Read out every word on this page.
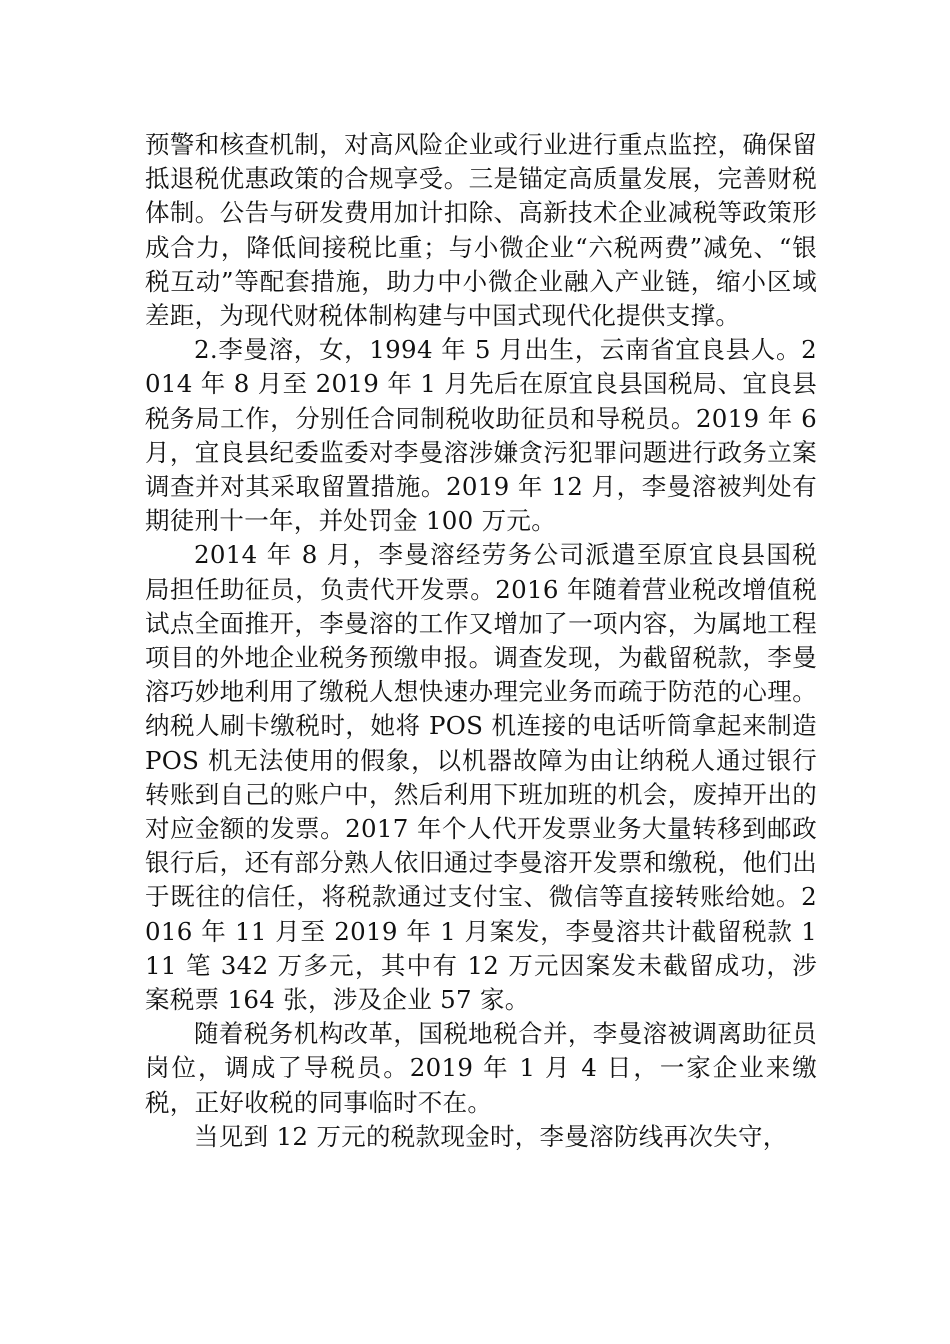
预警和核查机制，对高风险企业或行业进行重点监控，确保留抵退税优惠政策的合规享受。三是锚定高质量发展，完善财税体制。公告与研发费用加计扣除、高新技术企业减税等政策形成合力，降低间接税比重；与小微企业“六税两费”减免、“银税互动”等配套措施，助力中小微企业融入产业链，缩小区域差距，为现代财税体制构建与中国式现代化提供支撑。

2.李曼溶，女，1994 年 5 月出生，云南省宜良县人。2014 年 8 月至 2019 年 1 月先后在原宜良县国税局、宜良县税务局工作，分别任合同制税收助征员和导税员。2019 年 6 月，宜良县纪委监委对李曼溶涉嫌贪污犯罪问题进行政务立案调查并对其采取留置措施。2019 年 12 月，李曼溶被判处有期徒刑十一年，并处罚金 100 万元。

2014 年 8 月，李曼溶经劳务公司派遣至原宜良县国税局担任助征员，负责代开发票。2016 年随着营业税改增值税试点全面推开，李曼溶的工作又增加了一项内容，为属地工程项目的外地企业税务预缴申报。调查发现，为截留税款，李曼溶巧妙地利用了缴税人想快速办理完业务而疏于防范的心理。纳税人刷卡缴税时，她将 POS 机连接的电话听筒拿起来制造 POS 机无法使用的假象，以机器故障为由让纳税人通过银行转账到自己的账户中，然后利用下班加班的机会，废掉开出的对应金额的发票。2017 年个人代开发票业务大量转移到邮政银行后，还有部分熟人依旧通过李曼溶开发票和缴税，他们出于既往的信任，将税款通过支付宝、微信等直接转账给她。2016 年 11 月至 2019 年 1 月案发，李曼溶共计截留税款 111 笔 342 万多元，其中有 12 万元因案发未截留成功，涉案税票 164 张，涉及企业 57 家。

随着税务机构改革，国税地税合并，李曼溶被调离助征员岗位，调成了导税员。2019 年 1 月 4 日，一家企业来缴税，正好收税的同事临时不在。

当见到 12 万元的税款现金时，李曼溶防线再次失守，
